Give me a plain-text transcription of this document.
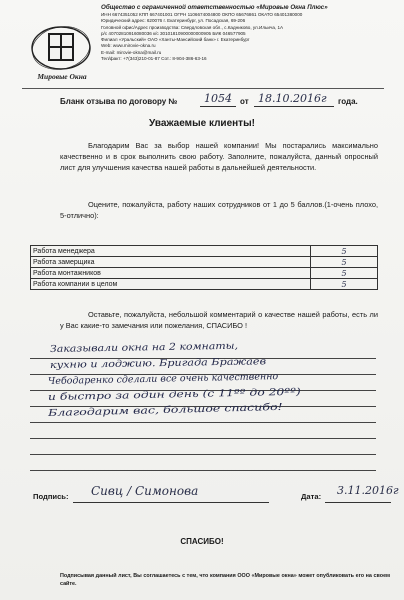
Мировые Окна
Общество с ограниченной ответственностью «Мировые Окна Плюс»
ИНН 6674351052 КПП 667401001 ОГРН 1106674004800 ОКПО 65676861 ОКАТО 65401380000
Юридический адрес: 620076 г. Екатеринбург, ул. Посадская, 69-206
Головной офис/Адрес производства: Свердловская обл., с.Кадниково, ул.Ильича, 1А
р/с 40702810916080036 к/с 30101810900000000905 БИК 046577905
Филиал «Уральский» ОАО «Ханты-Мансийский банк» г. Екатеринбург
Web: www.mirovie-okna.ru
E-mail: mirovie-okna@mail.ru
Тел/факт: +7(343)210-01-87 Сот.: 8-904-386-63-16
Бланк отзыва по договору № 1054 от 18.10.2016г года.
Уважаемые клиенты!
Благодарим Вас за выбор нашей компании! Мы постарались максимально качественно и в срок выполнить свою работу. Заполните, пожалуйста, данный опросный лист для улучшения качества нашей работы в дальнейшей деятельности.
Оцените, пожалуйста, работу наших сотрудников от 1 до 5 баллов.(1-очень плохо, 5-отлично):
Работа менеджера	5
Работа замерщика	5
Работа монтажников	5
Работа компании в целом	5
Оставьте, пожалуйста, небольшой комментарий о качестве нашей работы, есть ли у Вас какие-то замечания или пожелания, СПАСИБО !
Заказывали окна на 2 комнаты,
кухню и лоджию. Бригада Бражаев
Чебодаренко сделали все очень качественно
и быстро за один день (с 11ºº до 20ºº)
Благодарим вас, большое спасибо!
Подпись: Сивц / Симонова	Дата: 3.11.2016г
СПАСИБО!
Подписывая данный лист, Вы соглашаетесь с тем, что компания ООО «Мировые окна» может опубликовать его на своем сайте.
